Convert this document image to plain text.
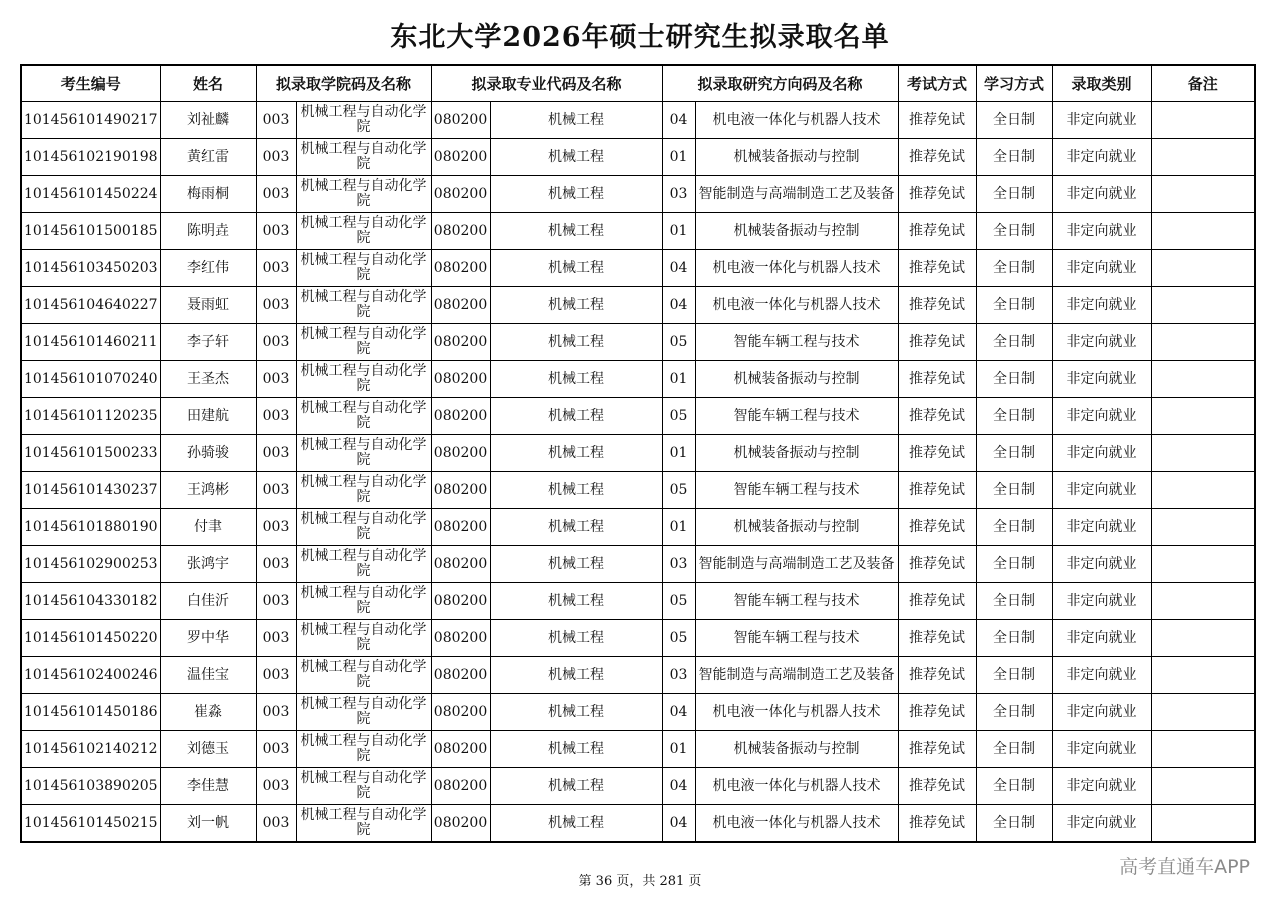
东北大学2026年硕士研究生拟录取名单
考生编号	姓名	拟录取学院码及名称		拟录取专业代码及名称		拟录取研究方向码及名称		考试方式	学习方式	录取类别	备注
101456101490217	刘祉麟	003	机械工程与自动化学院	080200	机械工程	04	机电液一体化与机器人技术	推荐免试	全日制	非定向就业	
101456102190198	黄红雷	003	机械工程与自动化学院	080200	机械工程	01	机械装备振动与控制	推荐免试	全日制	非定向就业	
101456101450224	梅雨桐	003	机械工程与自动化学院	080200	机械工程	03	智能制造与高端制造工艺及装备	推荐免试	全日制	非定向就业	
101456101500185	陈明垚	003	机械工程与自动化学院	080200	机械工程	01	机械装备振动与控制	推荐免试	全日制	非定向就业	
101456103450203	李红伟	003	机械工程与自动化学院	080200	机械工程	04	机电液一体化与机器人技术	推荐免试	全日制	非定向就业	
101456104640227	聂雨虹	003	机械工程与自动化学院	080200	机械工程	04	机电液一体化与机器人技术	推荐免试	全日制	非定向就业	
101456101460211	李子轩	003	机械工程与自动化学院	080200	机械工程	05	智能车辆工程与技术	推荐免试	全日制	非定向就业	
101456101070240	王圣杰	003	机械工程与自动化学院	080200	机械工程	01	机械装备振动与控制	推荐免试	全日制	非定向就业	
101456101120235	田建航	003	机械工程与自动化学院	080200	机械工程	05	智能车辆工程与技术	推荐免试	全日制	非定向就业	
101456101500233	孙骑骏	003	机械工程与自动化学院	080200	机械工程	01	机械装备振动与控制	推荐免试	全日制	非定向就业	
101456101430237	王鸿彬	003	机械工程与自动化学院	080200	机械工程	05	智能车辆工程与技术	推荐免试	全日制	非定向就业	
101456101880190	付聿	003	机械工程与自动化学院	080200	机械工程	01	机械装备振动与控制	推荐免试	全日制	非定向就业	
101456102900253	张鸿宇	003	机械工程与自动化学院	080200	机械工程	03	智能制造与高端制造工艺及装备	推荐免试	全日制	非定向就业	
101456104330182	白佳沂	003	机械工程与自动化学院	080200	机械工程	05	智能车辆工程与技术	推荐免试	全日制	非定向就业	
101456101450220	罗中华	003	机械工程与自动化学院	080200	机械工程	05	智能车辆工程与技术	推荐免试	全日制	非定向就业	
101456102400246	温佳宝	003	机械工程与自动化学院	080200	机械工程	03	智能制造与高端制造工艺及装备	推荐免试	全日制	非定向就业	
101456101450186	崔淼	003	机械工程与自动化学院	080200	机械工程	04	机电液一体化与机器人技术	推荐免试	全日制	非定向就业	
101456102140212	刘德玉	003	机械工程与自动化学院	080200	机械工程	01	机械装备振动与控制	推荐免试	全日制	非定向就业	
101456103890205	李佳慧	003	机械工程与自动化学院	080200	机械工程	04	机电液一体化与机器人技术	推荐免试	全日制	非定向就业	
101456101450215	刘一帆	003	机械工程与自动化学院	080200	机械工程	04	机电液一体化与机器人技术	推荐免试	全日制	非定向就业	
第 36 页，共 281 页
高考直通车APP
